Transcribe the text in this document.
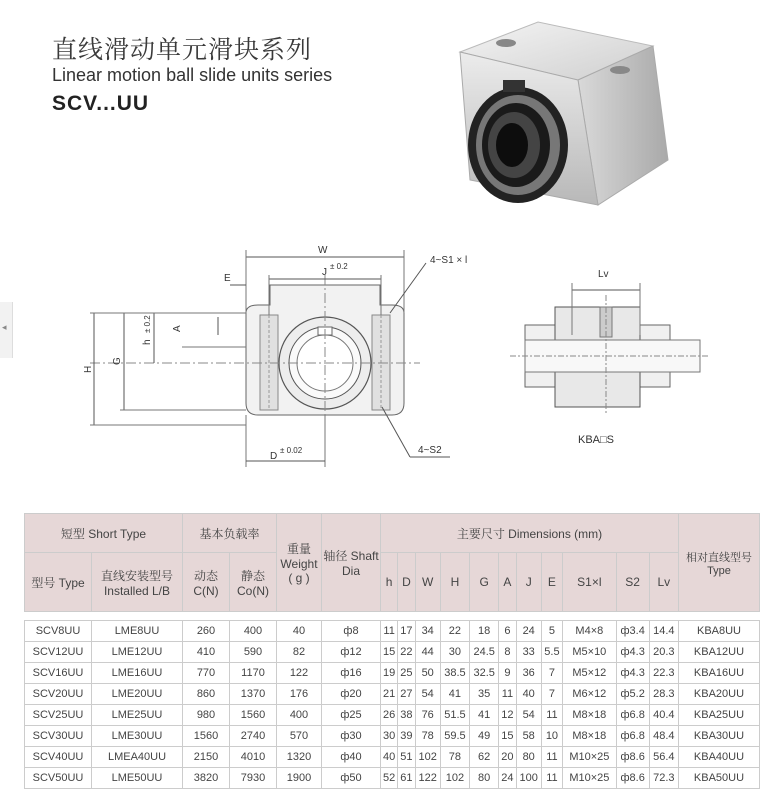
直线滑动单元滑块系列
Linear motion ball slide units series
SCV...UU
◂
W
J
± 0.2
E
4~S1 × l
A
h
± 0.2
G
H
D
± 0.02	4~S2
Lv
KBA□S
短型 Short Type		基本负载率		重量 Weight ( g )	轴径 Shaft Dia	主要尺寸 Dimensions (mm)											相对直线型号 Type
型号 Type	直线安装型号 Installed L/B	动态 C(N)	静态 Co(N)			h	D	W	H	G	A	J	E	S1×l	S2	Lv	

SCV8UU	LME8UU	260	400	40	ф8	11	17	34	22	18	6	24	5	M4×8	ф3.4	14.4	KBA8UU
SCV12UU	LME12UU	410	590	82	ф12	15	22	44	30	24.5	8	33	5.5	M5×10	ф4.3	20.3	KBA12UU
SCV16UU	LME16UU	770	1170	122	ф16	19	25	50	38.5	32.5	9	36	7	M5×12	ф4.3	22.3	KBA16UU
SCV20UU	LME20UU	860	1370	176	ф20	21	27	54	41	35	11	40	7	M6×12	ф5.2	28.3	KBA20UU
SCV25UU	LME25UU	980	1560	400	ф25	26	38	76	51.5	41	12	54	11	M8×18	ф6.8	40.4	KBA25UU
SCV30UU	LME30UU	1560	2740	570	ф30	30	39	78	59.5	49	15	58	10	M8×18	ф6.8	48.4	KBA30UU
SCV40UU	LMEA40UU	2150	4010	1320	ф40	40	51	102	78	62	20	80	11	M10×25	ф8.6	56.4	KBA40UU
SCV50UU	LME50UU	3820	7930	1900	ф50	52	61	122	102	80	24	100	11	M10×25	ф8.6	72.3	KBA50UU
